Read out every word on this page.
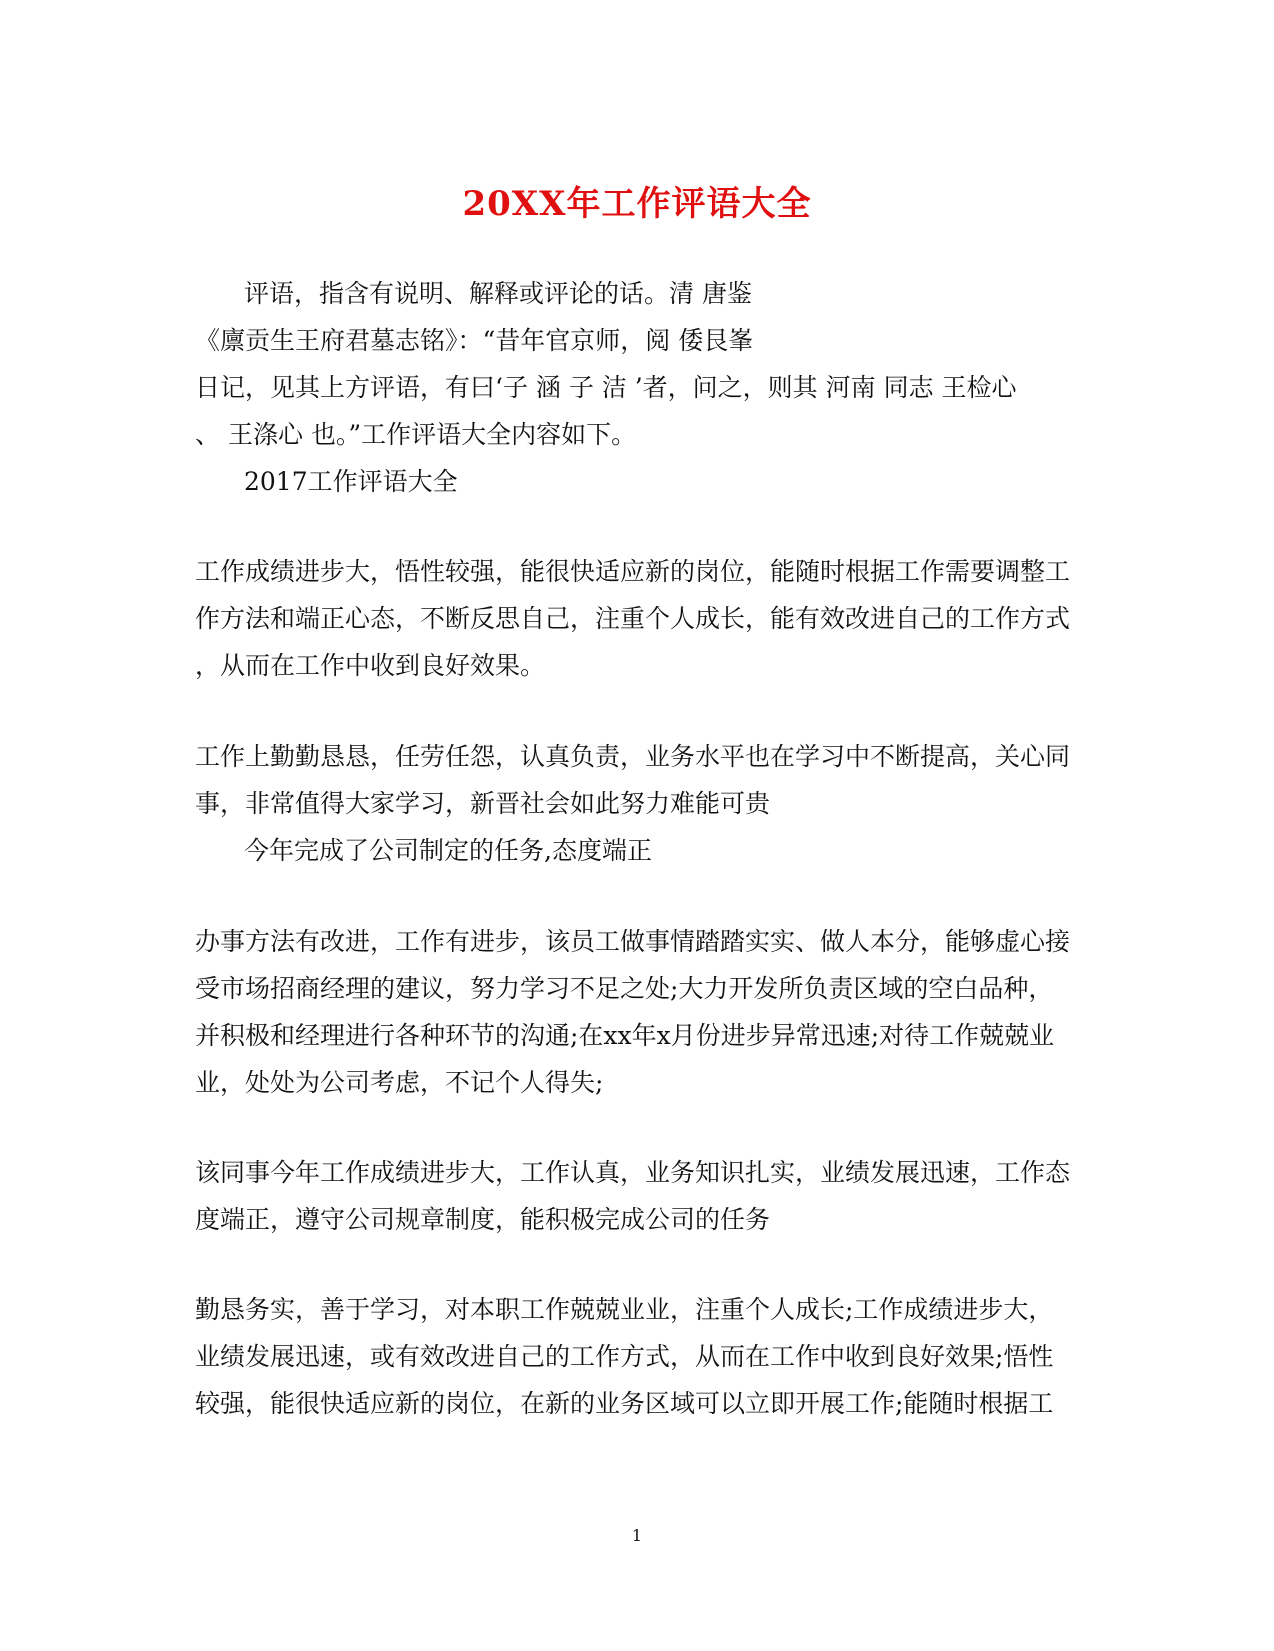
20XX年工作评语大全
评语，指含有说明、解释或评论的话。清 唐鉴
《廪贡生王府君墓志铭》：“昔年官京师，阅 倭艮峯
日记，见其上方评语，有曰‘子 涵 子 洁 ’者，问之，则其 河南 同志 王检心
、 王涤心 也。”工作评语大全内容如下。
2017工作评语大全
工作成绩进步大，悟性较强，能很快适应新的岗位，能随时根据工作需要调整工
作方法和端正心态，不断反思自己，注重个人成长，能有效改进自己的工作方式
，从而在工作中收到良好效果。
工作上勤勤恳恳，任劳任怨，认真负责，业务水平也在学习中不断提高，关心同
事，非常值得大家学习，新晋社会如此努力难能可贵
今年完成了公司制定的任务,态度端正
办事方法有改进，工作有进步，该员工做事情踏踏实实、做人本分，能够虚心接
受市场招商经理的建议，努力学习不足之处;大力开发所负责区域的空白品种，
并积极和经理进行各种环节的沟通;在xx年x月份进步异常迅速;对待工作兢兢业
业，处处为公司考虑，不记个人得失;
该同事今年工作成绩进步大，工作认真，业务知识扎实，业绩发展迅速，工作态
度端正，遵守公司规章制度，能积极完成公司的任务
勤恳务实，善于学习，对本职工作兢兢业业，注重个人成长;工作成绩进步大，
业绩发展迅速，或有效改进自己的工作方式，从而在工作中收到良好效果;悟性
较强，能很快适应新的岗位，在新的业务区域可以立即开展工作;能随时根据工
1
